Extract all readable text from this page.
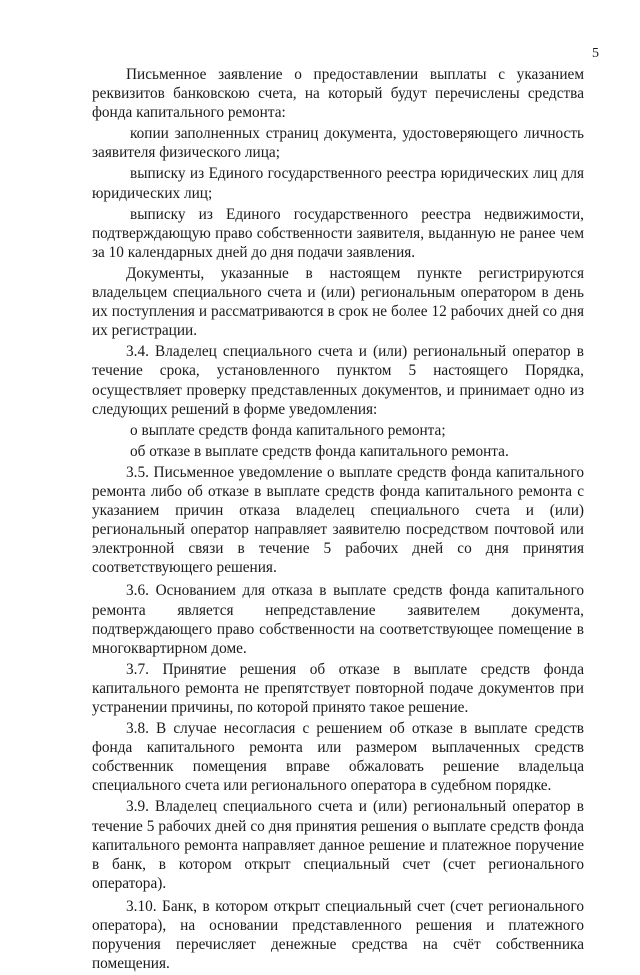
5

Письменное заявление о предоставлении выплаты с указанием реквизитов банковскою счета, на который будут перечислены средства фонда капитального ремонта:

копии заполненных страниц документа, удостоверяющего личность заявителя физического лица;

выписку из Единого государственного реестра юридических лиц для юридических лиц;

выписку из Единого государственного реестра недвижимости, подтверждающую право собственности заявителя, выданную не ранее чем за 10 календарных дней до дня подачи заявления.

Документы, указанные в настоящем пункте регистрируются владельцем специального счета и (или) региональным оператором в день их поступления и рассматриваются в срок не более 12 рабочих дней со дня их регистрации.

3.4. Владелец специального счета и (или) региональный оператор в течение срока, установленного пунктом 5 настоящего Порядка, осуществляет проверку представленных документов, и принимает одно из следующих решений в форме уведомления:

о выплате средств фонда капитального ремонта;

об отказе в выплате средств фонда капитального ремонта.

3.5. Письменное уведомление о выплате средств фонда капитального ремонта либо об отказе в выплате средств фонда капитального ремонта с указанием причин отказа владелец специального счета и (или) региональный оператор направляет заявителю посредством почтовой или электронной связи в течение 5 рабочих дней со дня принятия соответствующего решения.

3.6. Основанием для отказа в выплате средств фонда капитального ремонта является непредставление заявителем документа, подтверждающего право собственности на соответствующее помещение в многоквартирном доме.

3.7. Принятие решения об отказе в выплате средств фонда капитального ремонта не препятствует повторной подаче документов при устранении причины, по которой принято такое решение.

3.8. В случае несогласия с решением об отказе в выплате средств фонда капитального ремонта или размером выплаченных средств собственник помещения вправе обжаловать решение владельца специального счета или регионального оператора в судебном порядке.

3.9. Владелец специального счета и (или) региональный оператор в течение 5 рабочих дней со дня принятия решения о выплате средств фонда капитального ремонта направляет данное решение и платежное поручение в банк, в котором открыт специальный счет (счет регионального оператора).

3.10. Банк, в котором открыт специальный счет (счет регионального оператора), на основании представленного решения и платежного поручения перечисляет денежные средства на счёт собственника помещения.
